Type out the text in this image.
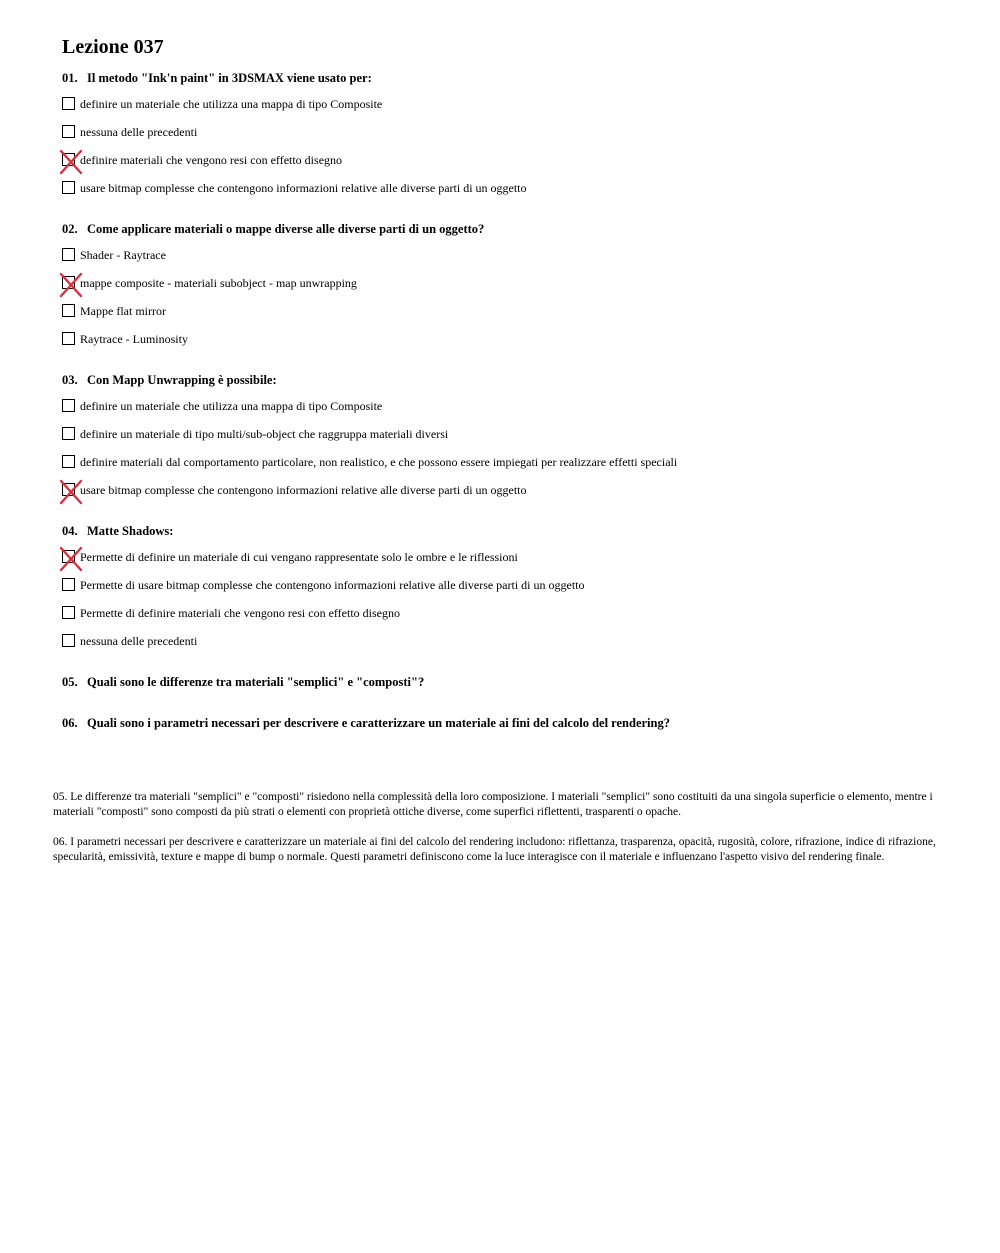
Lezione 037
01. Il metodo "Ink'n paint" in 3DSMAX viene usato per:
definire un materiale che utilizza una mappa di tipo Composite
nessuna delle precedenti
definire materiali che vengono resi con effetto disegno
usare bitmap complesse che contengono informazioni relative alle diverse parti di un oggetto
02. Come applicare materiali o mappe diverse alle diverse parti di un oggetto?
Shader - Raytrace
mappe composite - materiali subobject - map unwrapping
Mappe flat mirror
Raytrace - Luminosity
03. Con Mapp Unwrapping è possibile:
definire un materiale che utilizza una mappa di tipo Composite
definire un materiale di tipo multi/sub-object che raggruppa materiali diversi
definire materiali dal comportamento particolare, non realistico, e che possono essere impiegati per realizzare effetti speciali
usare bitmap complesse che contengono informazioni relative alle diverse parti di un oggetto
04. Matte Shadows:
Permette di definire un materiale di cui vengano rappresentate solo le ombre e le riflessioni
Permette di usare bitmap complesse che contengono informazioni relative alle diverse parti di un oggetto
Permette di definire materiali che vengono resi con effetto disegno
nessuna delle precedenti
05. Quali sono le differenze tra materiali "semplici" e "composti"?
06. Quali sono i parametri necessari per descrivere e caratterizzare un materiale ai fini del calcolo del rendering?

05. Le differenze tra materiali "semplici" e "composti" risiedono nella complessità della loro composizione. I materiali "semplici" sono costituiti da una singola superficie o elemento, mentre i materiali "composti" sono composti da più strati o elementi con proprietà ottiche diverse, come superfici riflettenti, trasparenti o opache.

06. I parametri necessari per descrivere e caratterizzare un materiale ai fini del calcolo del rendering includono: riflettanza, trasparenza, opacità, rugosità, colore, rifrazione, indice di rifrazione, specularità, emissività, texture e mappe di bump o normale. Questi parametri definiscono come la luce interagisce con il materiale e influenzano l'aspetto visivo del rendering finale.
